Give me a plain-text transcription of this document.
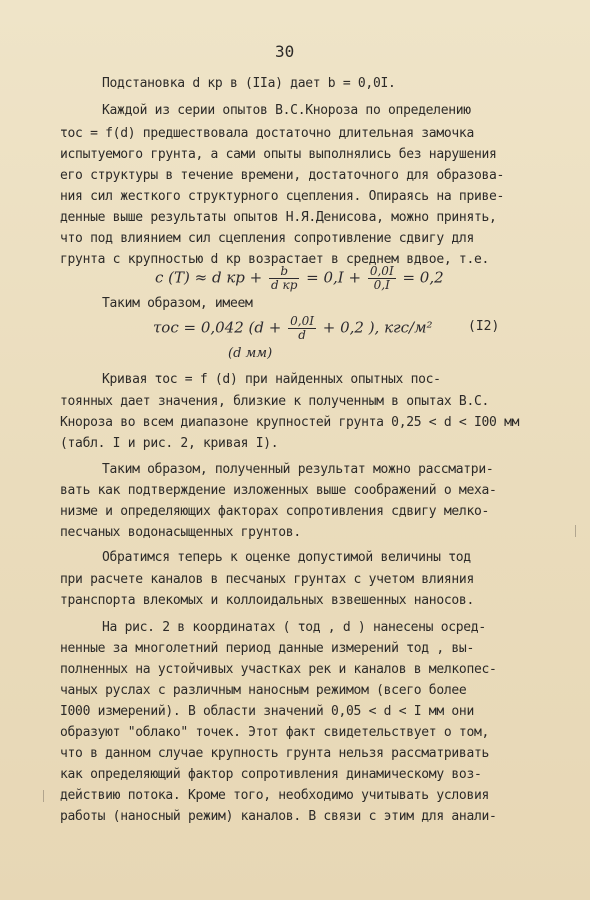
30
Подстановка d кр в (IIа) дает b = 0,0I.
Каждой из серии опытов В.С.Кнороза по определению
τос = f(d) предшествовала достаточно длительная замочка
испытуемого грунта, а сами опыты выполнялись без нарушения
его структуры в течение времени, достаточного для образова-
ния сил жесткого структурного сцепления. Опираясь на приве-
денные выше результаты опытов Н.Я.Денисова, можно принять,
что под влиянием сил сцепления сопротивление сдвигу для
грунта с крупностью d кр возрастает в среднем вдвое, т.е.
c (T) ≈ d кр + $\frac{b}{\text{d кр}} = 0,I + \frac{0,0I}{0,I} = 0,2$
Таким образом, имеем
τос = 0,042 ($d + \frac{0,0I}{d} + 0,2$ ), кгс/м²
(d мм)
(I2)
Кривая τос = f (d) при найденных опытных пос-
тоянных дает значения, близкие к полученным в опытах В.С.
Кнороза во всем диапазоне крупностей грунта 0,25 < d < I00 мм
(табл. I и рис. 2, кривая I).
Таким образом, полученный результат можно рассматри-
вать как подтверждение изложенных выше соображений о меха-
низме и определяющих факторах сопротивления сдвигу мелко-
песчаных водонасыщенных грунтов.
Обратимся теперь к оценке допустимой величины τод
при расчете каналов в песчаных грунтах с учетом влияния
транспорта влекомых и коллоидальных взвешенных наносов.
На рис. 2 в координатах ( τод , d ) нанесены осред-
ненные за многолетний период данные измерений τод , вы-
полненных на устойчивых участках рек и каналов в мелкопес-
чаных руслах с различным наносным режимом (всего более
I000 измерений). В области значений 0,05 < d < I мм они
образуют "облако" точек. Этот факт свидетельствует о том,
что в данном случае крупность грунта нельзя рассматривать
как определяющий фактор сопротивления динамическому воз-
действию потока. Кроме того, необходимо учитывать условия
работы (наносный режим) каналов. В связи с этим для анали-
